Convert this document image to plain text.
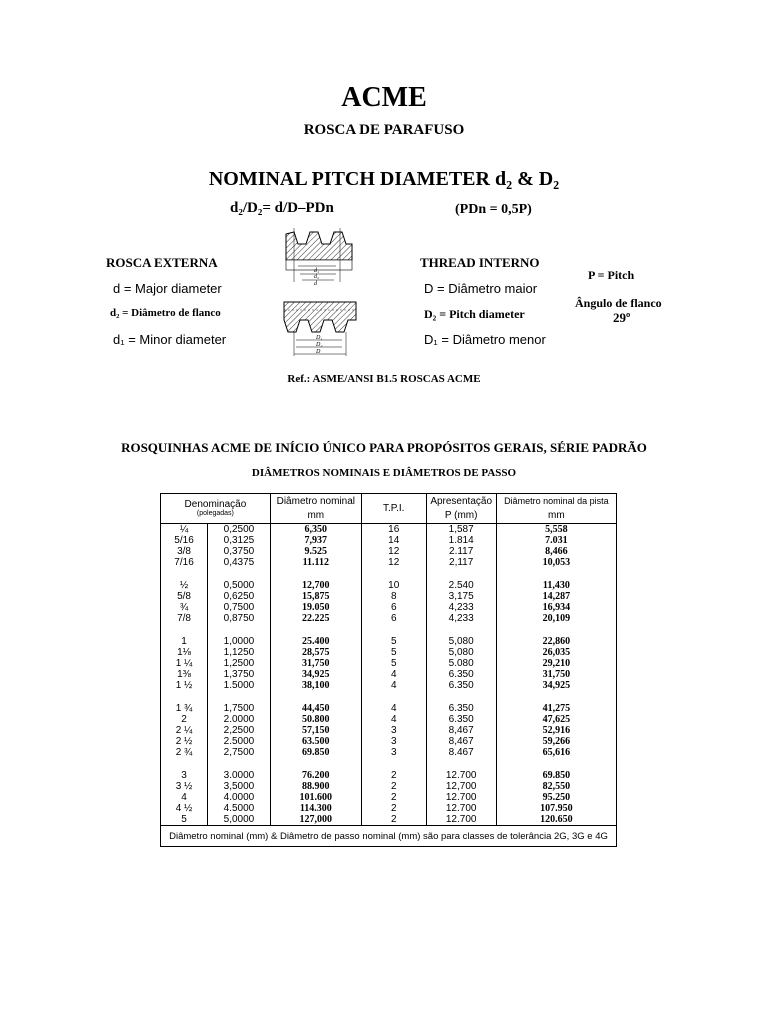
ACME
ROSCA DE PARAFUSO
NOMINAL PITCH DIAMETER d₂ & D₂
d₂/D₂= d/D–PDn	(PDn = 0,5P)
ROSCA EXTERNA
d = Major diameter
d₂ = Diâmetro de flanco
d₁ = Minor diameter
THREAD INTERNO
D = Diâmetro maior
D₂ = Pitch diameter
D₁ = Diâmetro menor
P = Pitch
Ângulo de flanco
29º
d₁
d₂
d
D₁
D₂
D
Ref.: ASME/ANSI B1.5 ROSCAS ACME
ROSQUINHAS ACME DE INÍCIO ÚNICO PARA PROPÓSITOS GERAIS, SÉRIE PADRÃO
DIÂMETROS NOMINAIS E DIÂMETROS DE PASSO
Denominação
(polegadas)		Diâmetro nominal
mm	T.P.I.	Apresentação
P (mm)	Diâmetro nominal da pista
mm

¼	0,2500	6,350	16	1,587	5,558
5/16	0,3125	7,937	14	1.814	7.031
3/8	0,3750	9.525	12	2.117	8,466
7/16	0,4375	11.112	12	2,117	10,053

½	0,5000	12,700	10	2.540	11,430
5/8	0,6250	15,875	8	3,175	14,287
¾	0,7500	19.050	6	4,233	16,934
7/8	0,8750	22.225	6	4,233	20,109

1	1,0000	25.400	5	5,080	22,860
1⅛	1,1250	28,575	5	5,080	26,035
1 ¼	1,2500	31,750	5	5.080	29,210
1⅜	1,3750	34,925	4	6.350	31,750
1 ½	1.5000	38,100	4	6.350	34,925

1 ¾	1,7500	44,450	4	6.350	41,275
2	2.0000	50.800	4	6.350	47,625
2 ¼	2,2500	57,150	3	8,467	52,916
2 ½	2.5000	63.500	3	8,467	59,266
2 ¾	2,7500	69.850	3	8.467	65,616

3	3.0000	76.200	2	12.700	69.850
3 ½	3,5000	88.900	2	12,700	82,550
4	4.0000	101.600	2	12.700	95.250
4 ½	4.5000	114.300	2	12.700	107.950
5	5,0000	127,000	2	12.700	120.650
Diâmetro nominal (mm) & Diâmetro de passo nominal (mm) são para classes de tolerância 2G, 3G e 4G					
